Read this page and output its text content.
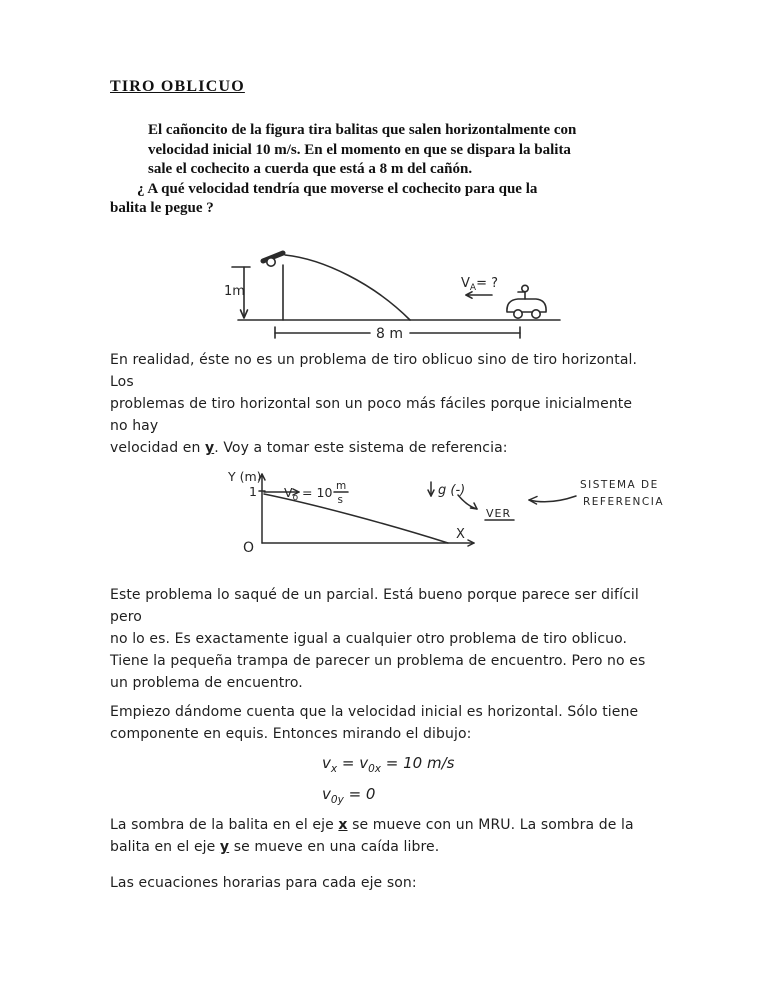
TIRO OBLICUO
El cañoncito de la figura tira balitas que salen horizontalmente con
velocidad inicial 10 m/s. En el momento en que se dispara la balita
sale el cochecito a cuerda que está a 8 m del cañón.
¿ A qué velocidad tendría que moverse el cochecito para que la
balita le pegue ?
1m
8 m
$V_A=$ ?
En realidad, éste no es un problema de tiro oblicuo sino de tiro horizontal.
Los
problemas de tiro horizontal son un poco más fáciles porque inicialmente
no hay
velocidad en y. Voy a tomar este sistema de referencia:
Y (m)
1 $V_o = 10$ m
s
g (-)
VER
X
O
SISTEMA DE
REFERENCIA
Este problema lo saqué de un parcial. Está bueno porque parece ser difícil
pero
no lo es. Es exactamente igual a cualquier otro problema de tiro oblicuo.
Tiene la pequeña trampa de parecer un problema de encuentro. Pero no es
un problema de encuentro.
Empiezo dándome cuenta que la velocidad inicial es horizontal. Sólo tiene
componente en equis. Entonces mirando el dibujo:
$v_x = v_{0x} = 10$ m/s
$v_{0y} = 0$
La sombra de la balita en el eje x se mueve con un MRU. La sombra de la
balita en el eje y se mueve en una caída libre.
Las ecuaciones horarias para cada eje son:
